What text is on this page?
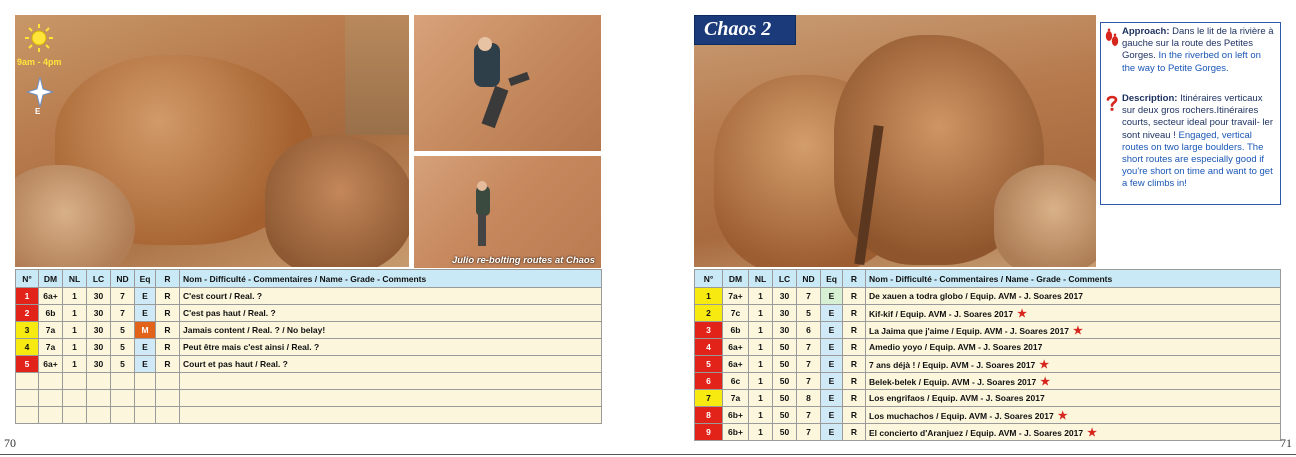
9am - 4pm
E
Julio re-bolting routes at Chaos
N°	DM	NL	LC	ND	Eq	R	Nom - Difficulté - Commentaires / Name - Grade - Comments
1	6a+	1	30	7	E	R	C'est court / Real. ?
2	6b	1	30	7	E	R	C'est pas haut / Real. ?
3	7a	1	30	5	M	R	Jamais content / Real. ? / No belay!
4	7a	1	30	5	E	R	Peut être mais c'est ainsi / Real. ?
5	6a+	1	30	5	E	R	Court et pas haut / Real. ?

70
Chaos 2	Approach: Dans le lit de la rivière à gauche sur la route des Petites Gorges. In the riverbed on left on the way to Petite Gorges.
Description: Itinéraires verticaux sur deux gros rochers.Itinéraires courts, secteur ideal pour travail- ler sont niveau ! Engaged, vertical routes on two large boulders. The short routes are especially good if you're short on time and want to get a few climbs in!
N°	DM	NL	LC	ND	Eq	R	Nom - Difficulté - Commentaires / Name - Grade - Comments
1	7a+	1	30	7	E	R	De xauen a todra globo / Equip. AVM - J. Soares 2017
2	7c	1	30	5	E	R	Kif-kif / Equip. AVM - J. Soares 2017 ★
3	6b	1	30	6	E	R	La Jaima que j'aime / Equip. AVM - J. Soares 2017 ★
4	6a+	1	50	7	E	R	Amedio yoyo / Equip. AVM - J. Soares 2017
5	6a+	1	50	7	E	R	7 ans déjà ! / Equip. AVM - J. Soares 2017 ★
6	6c	1	50	7	E	R	Belek-belek / Equip. AVM - J. Soares 2017 ★
7	7a	1	50	8	E	R	Los engrifaos / Equip. AVM - J. Soares 2017
8	6b+	1	50	7	E	R	Los muchachos / Equip. AVM - J. Soares 2017 ★
9	6b+	1	50	7	E	R	El concierto d'Aranjuez / Equip. AVM - J. Soares 2017 ★
71
